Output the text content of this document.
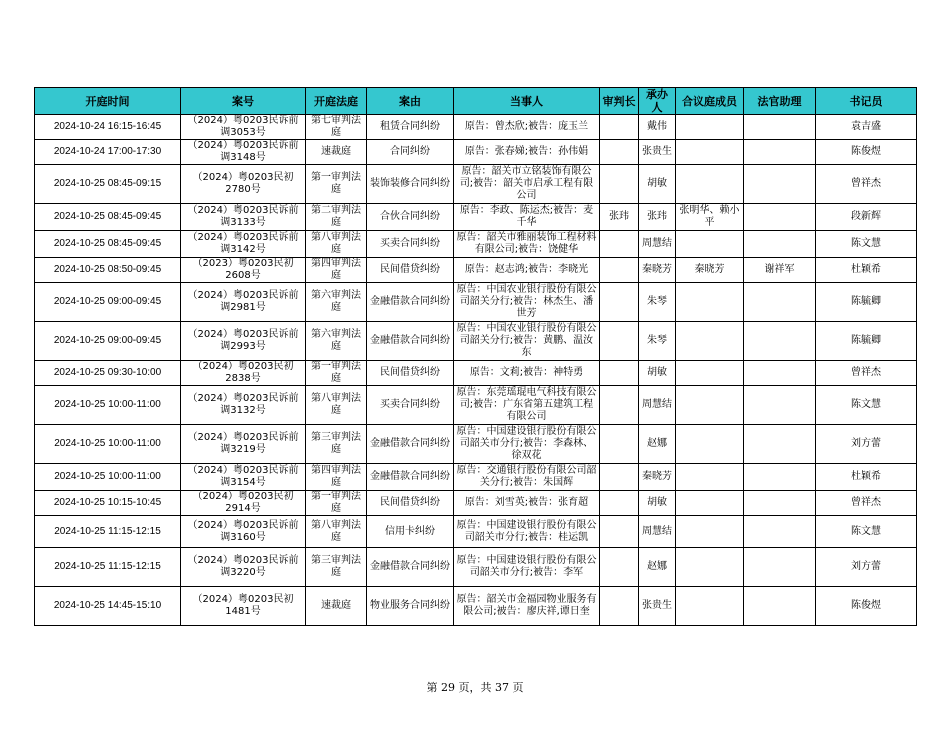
开庭时间	案号	开庭法庭	案由	当事人	审判长	承办人	合议庭成员	法官助理	书记员
2024-10-24 16:15-16:45	（2024）粤0203民诉前调3053号	第七审判法庭	租赁合同纠纷	原告：曾杰欣;被告：庞玉兰		戴伟			袁吉盛
2024-10-24 17:00-17:30	（2024）粤0203民诉前调3148号	速裁庭	合同纠纷	原告：张春娣;被告：孙伟娟		张贵生			陈俊煜
2024-10-25 08:45-09:15	（2024）粤0203民初2780号	第一审判法庭	装饰装修合同纠纷	原告：韶关市立铭装饰有限公司;被告：韶关市启承工程有限公司		胡敏			曾祥杰
2024-10-25 08:45-09:45	（2024）粤0203民诉前调3133号	第二审判法庭	合伙合同纠纷	原告：李政、陈运杰;被告：麦千华	张玮	张玮	张明华、赖小平		段新辉
2024-10-25 08:45-09:45	（2024）粤0203民诉前调3142号	第八审判法庭	买卖合同纠纷	原告：韶关市雅丽装饰工程材料有限公司;被告：饶健华		周慧结			陈文慧
2024-10-25 08:50-09:45	（2023）粤0203民初2608号	第四审判法庭	民间借贷纠纷	原告：赵志鸿;被告：李晓光		秦晓芳	秦晓芳	谢祥军	杜颖希
2024-10-25 09:00-09:45	（2024）粤0203民诉前调2981号	第六审判法庭	金融借款合同纠纷	原告：中国农业银行股份有限公司韶关分行;被告：林杰生、潘世芳		朱琴			陈毓卿
2024-10-25 09:00-09:45	（2024）粤0203民诉前调2993号	第六审判法庭	金融借款合同纠纷	原告：中国农业银行股份有限公司韶关分行;被告：黄鹏、温汝东		朱琴			陈毓卿
2024-10-25 09:30-10:00	（2024）粤0203民初2838号	第一审判法庭	民间借贷纠纷	原告：文莉;被告：神特勇		胡敏			曾祥杰
2024-10-25 10:00-11:00	（2024）粤0203民诉前调3132号	第八审判法庭	买卖合同纠纷	原告：东莞瑶琨电气科技有限公司;被告：广东省第五建筑工程有限公司		周慧结			陈文慧
2024-10-25 10:00-11:00	（2024）粤0203民诉前调3219号	第三审判法庭	金融借款合同纠纷	原告：中国建设银行股份有限公司韶关市分行;被告：李森林、徐双花		赵娜			刘方蕾
2024-10-25 10:00-11:00	（2024）粤0203民诉前调3154号	第四审判法庭	金融借款合同纠纷	原告：交通银行股份有限公司韶关分行;被告：朱国辉		秦晓芳			杜颖希
2024-10-25 10:15-10:45	（2024）粤0203民初2914号	第一审判法庭	民间借贷纠纷	原告：刘雪英;被告：张育超		胡敏			曾祥杰
2024-10-25 11:15-12:15	（2024）粤0203民诉前调3160号	第八审判法庭	信用卡纠纷	原告：中国建设银行股份有限公司韶关市分行;被告：桂运凯		周慧结			陈文慧
2024-10-25 11:15-12:15	（2024）粤0203民诉前调3220号	第三审判法庭	金融借款合同纠纷	原告：中国建设银行股份有限公司韶关市分行;被告：李军		赵娜			刘方蕾
2024-10-25 14:45-15:10	（2024）粤0203民初1481号	速裁庭	物业服务合同纠纷	原告：韶关市金福园物业服务有限公司;被告：廖庆祥,谭日奎		张贵生			陈俊煜
第 29 页，共 37 页
